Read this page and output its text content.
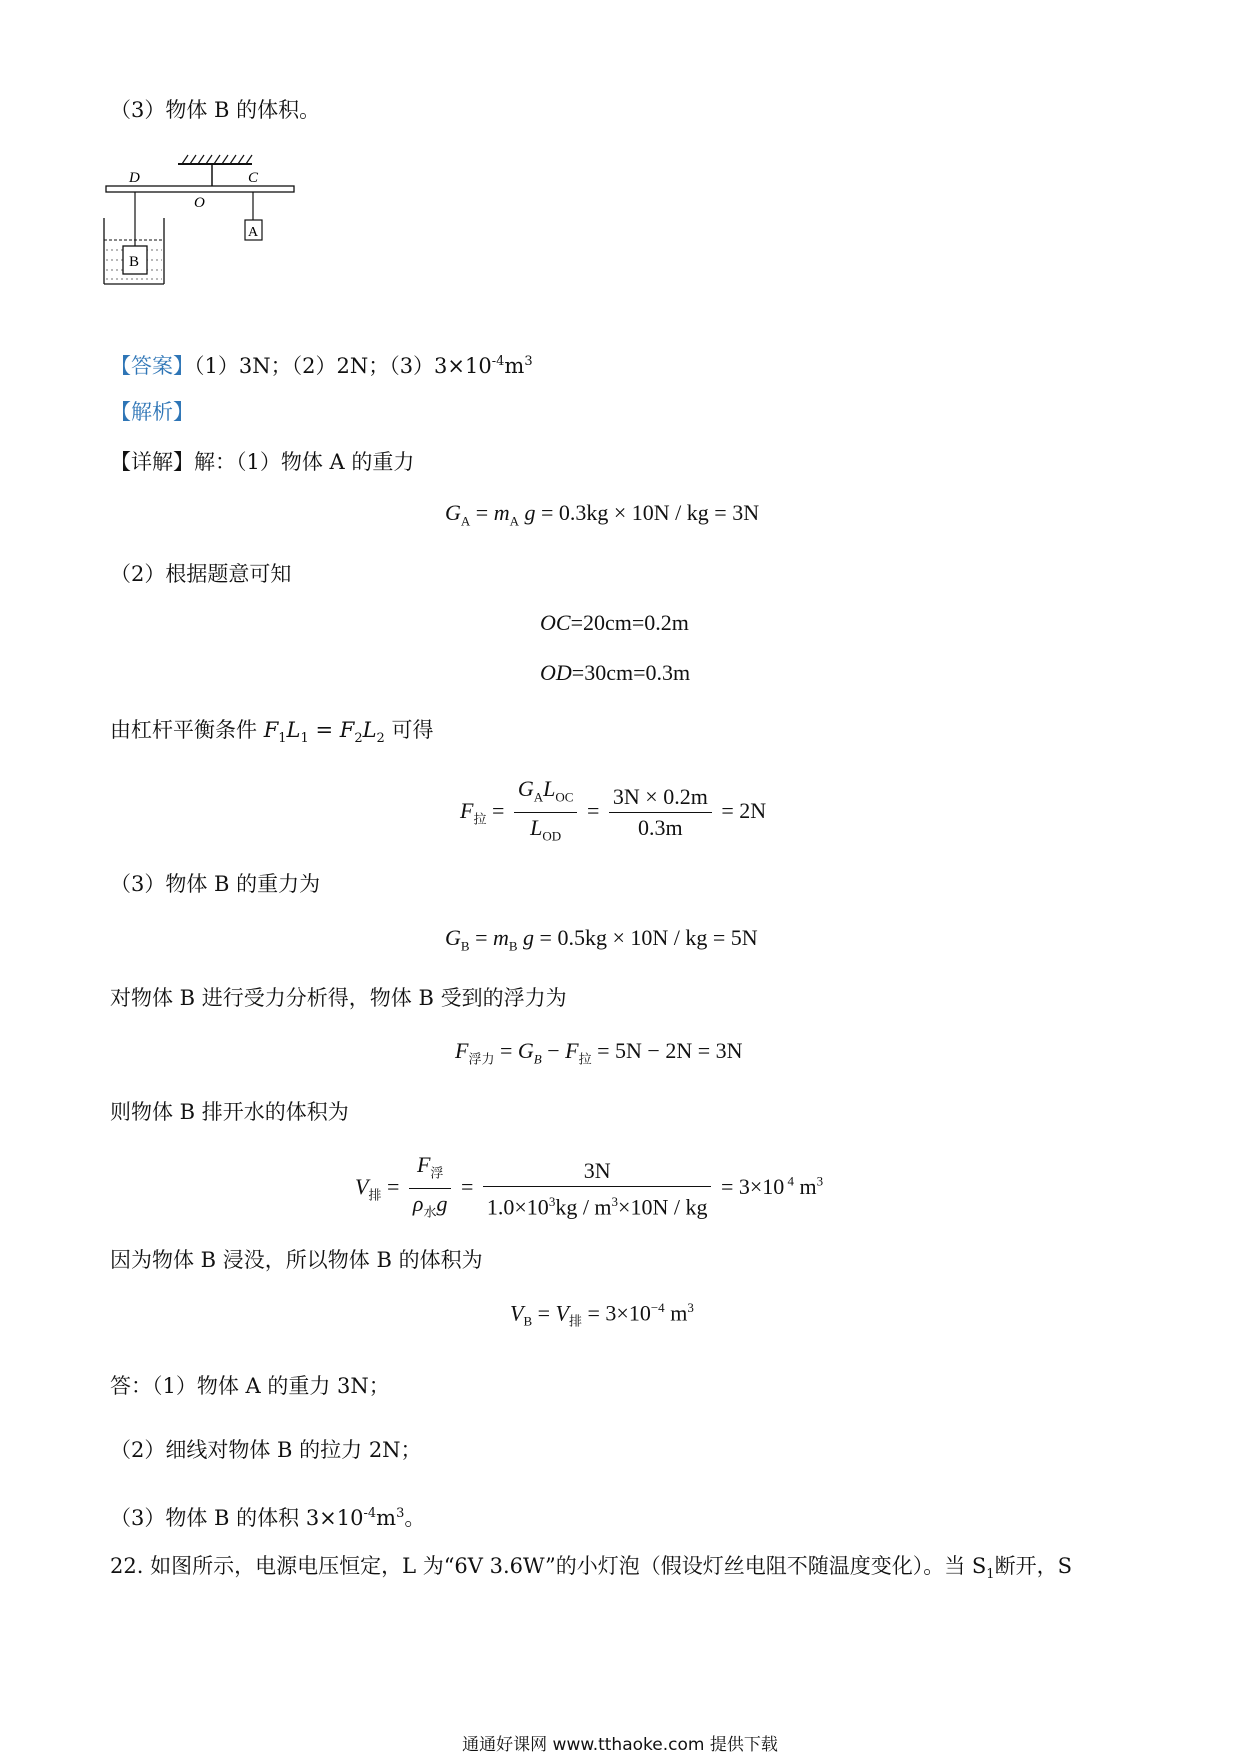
（3）物体 B 的体积。
D
O
C
A
B
【答案】（1）3N；（2）2N；$(3)3\times 10^{-4}m^3$
【解析】
【详解】解：（1）物体 A 的重力
$G_A = m_A$ g = 0.3kg × 10N / kg = 3N
（2）根据题意可知
OC=20cm=0.2m
OD=30cm=0.3m
由杠杆平衡条件 $F_1L_1 = F_2L_2$ 可得
$F_拉 = \frac{G_AL_{OC}}{L_{OD}} = \frac{3N \times 0.2m}{0.3m} = 2N$
（3）物体 B 的重力为
$G_B = m_B$ g = 0.5kg × 10N / kg = 5N
对物体 B 进行受力分析得，物体 B 受到的浮力为
$F_{浮力} = G_B - F_拉 = 5N - 2N = 3N$
则物体 B 排开水的体积为
$V_排 = \frac{F_浮}{\rho_水g} = \frac{3N}{1.0\times 10^3kg / m^3\times 10N / kg} = 3\times 10$ $^4$ $m^3$
因为物体 B 浸没，所以物体 B 的体积为
$V_B = V_排 = 3\times 10^{-4}$ $m^3$
答：（1）物体 A 的重力 3N；
（2）细线对物体 B 的拉力 2N；
（3）物体 B 的体积 $3\times 10^{-4}m^3$。
22. 如图所示，电源电压恒定，L 为“6V 3.6W”的小灯泡（假设灯丝电阻不随温度变化）。当 $S_1$断开，S
通通好课网 www.tthaoke.com 提供下载
